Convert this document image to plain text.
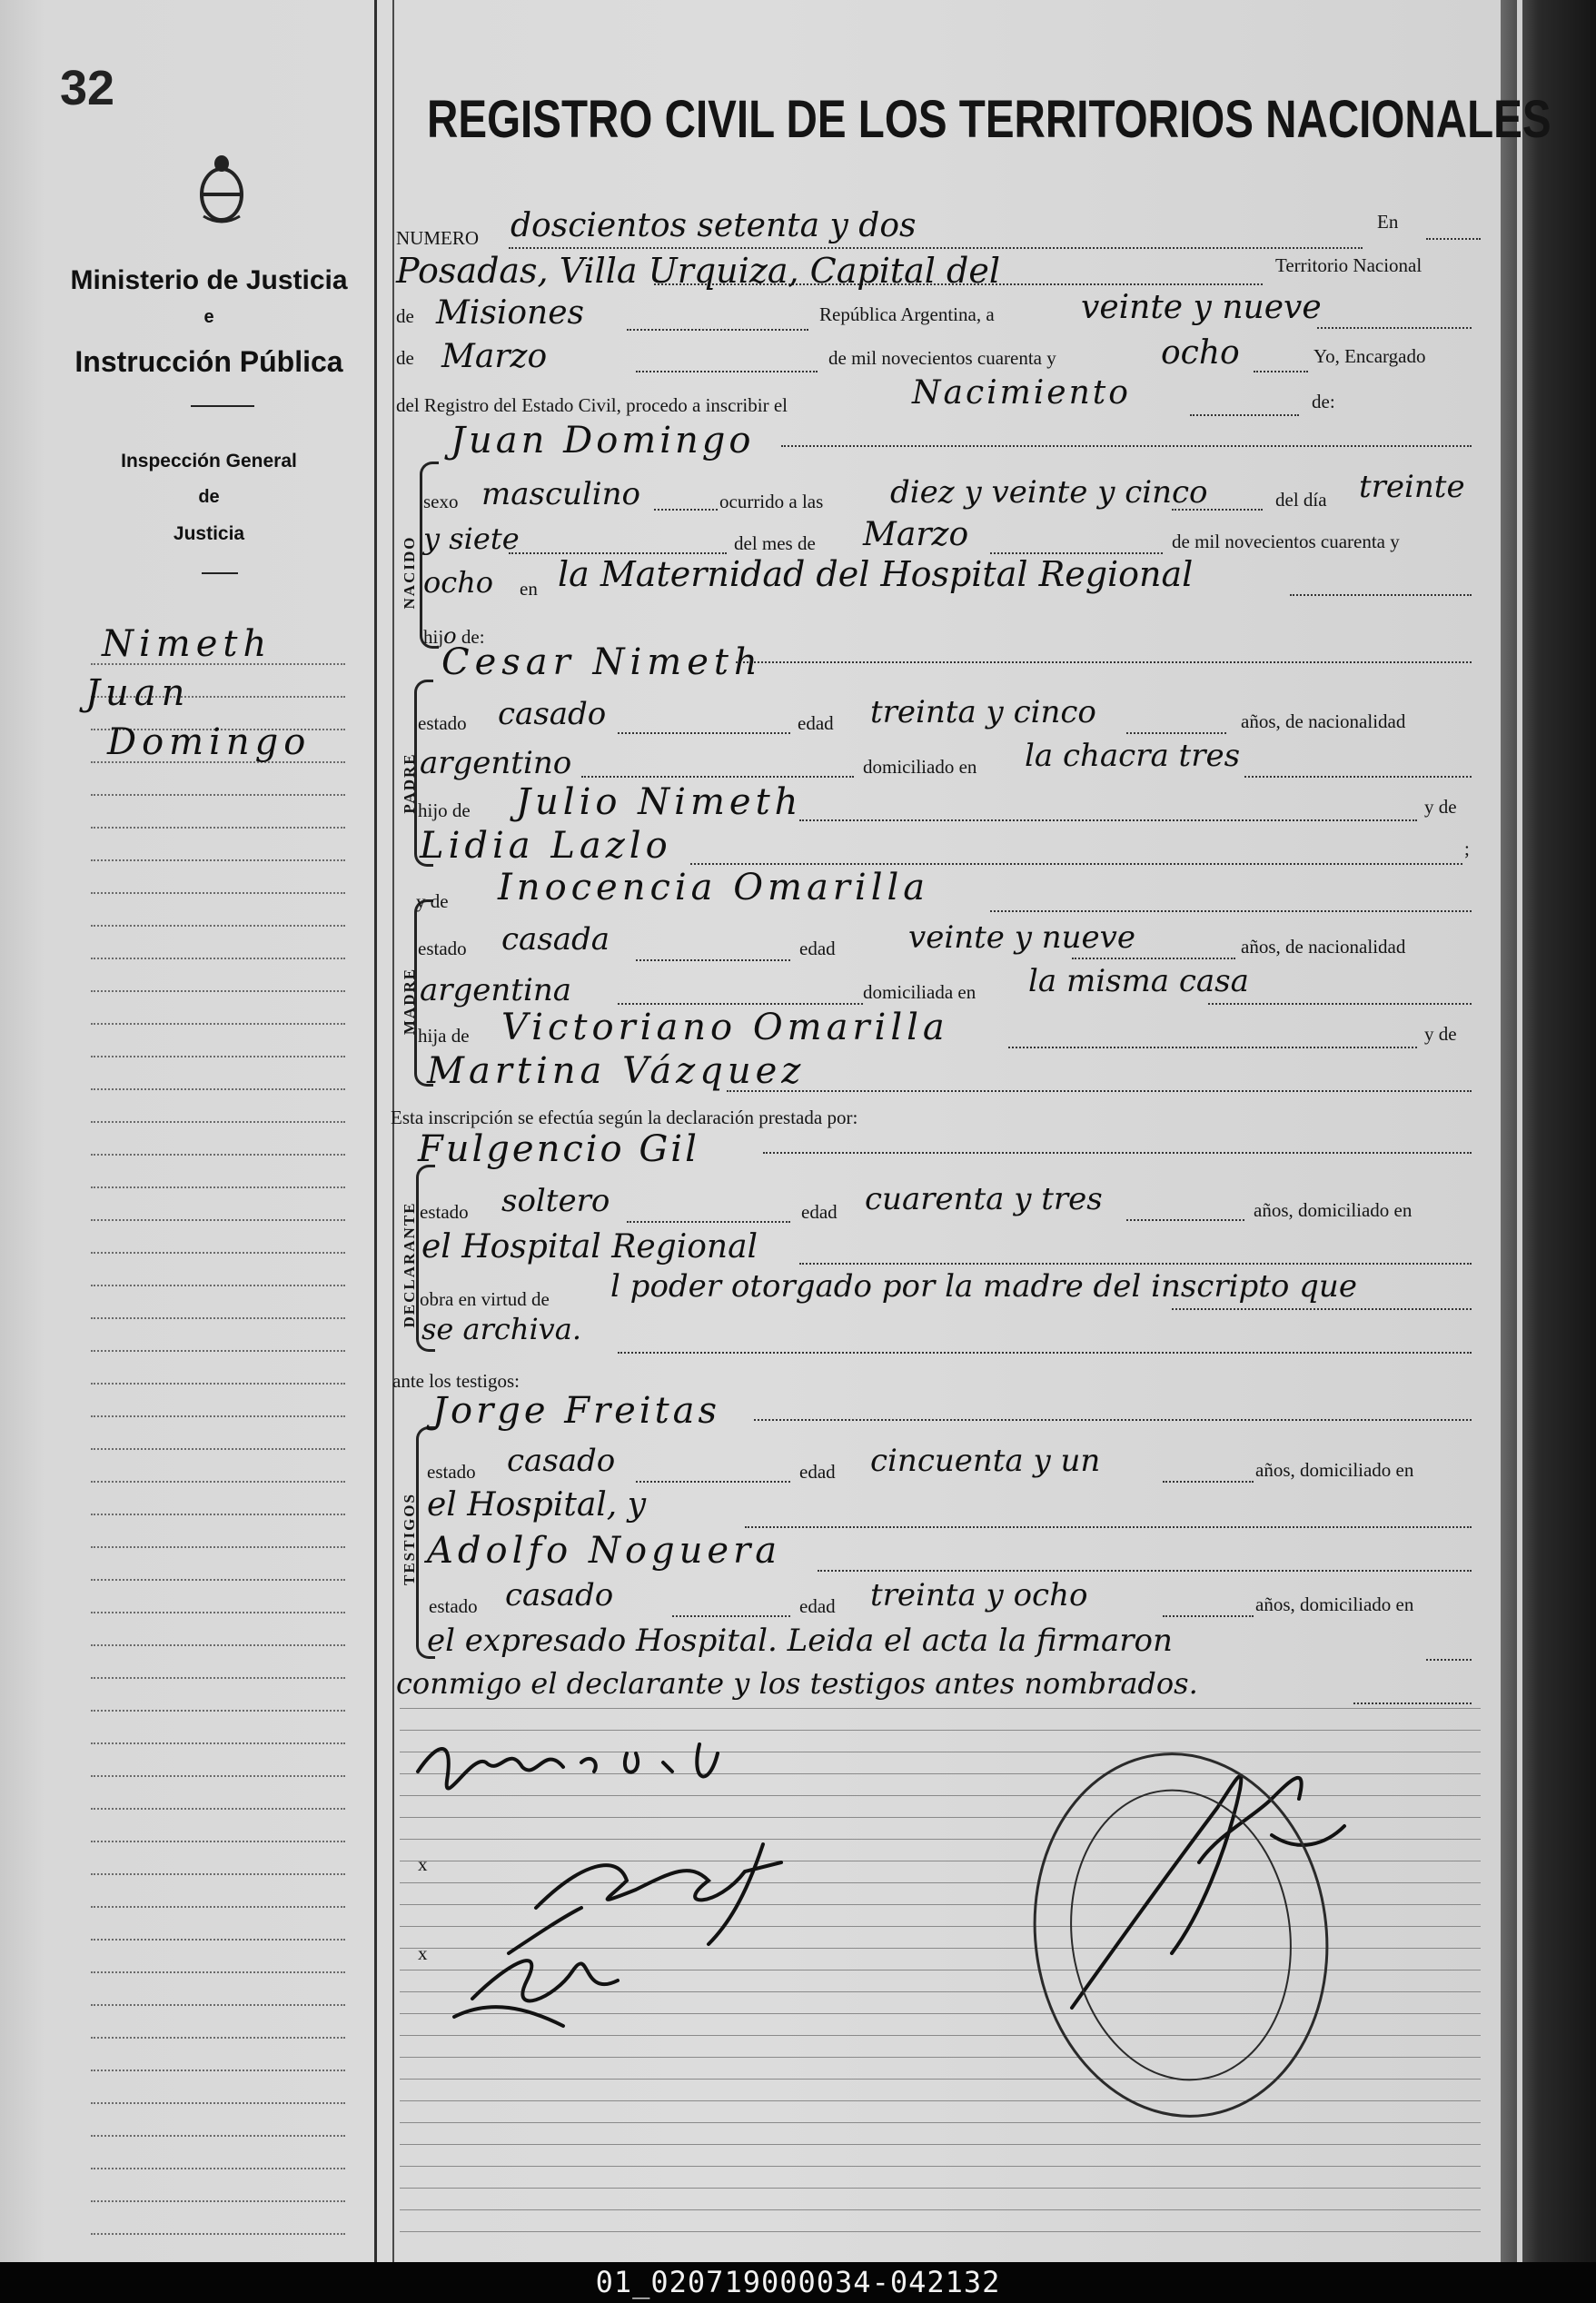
32
Ministerio de Justicia
e
Instrucción Pública
Inspección General
de
Justicia
Nimeth
Juan
Domingo
REGISTRO CIVIL DE LOS TERRITORIOS NACIONALES
NACIDO
PADRE
MADRE
DECLARANTE
TESTIGOS
NUMERO doscientos setenta y dos	En
Posadas, Villa Urquiza, Capital del	Territorio Nacional
de Misiones	República Argentina, a	veinte y nueve
de Marzo	de mil novecientos cuarenta y	ocho	Yo, Encargado
del Registro del Estado Civil, procedo a inscribir el	Nacimiento	de:
Juan Domingo
sexo masculino	ocurrido a las diez y veinte y cinco	del día treinte
y siete	del mes de Marzo	de mil novecientos cuarenta y
ocho en la Maternidad del Hospital Regional
hijo de:
Cesar Nimeth
estado casado	edad treinta y cinco	años, de nacionalidad
argentino	domiciliado en la chacra tres
hijo de Julio Nimeth	y de
Lidia Lazlo	;
y de Inocencia Omarilla
estado casada	edad veinte y nueve	años, de nacionalidad
argentina	domiciliada en la misma casa
hija de Victoriano Omarilla	y de
Martina Vázquez
Esta inscripción se efectúa según la declaración prestada por:
Fulgencio Gil
estado soltero	edad cuarenta y tres	años, domiciliado en
el Hospital Regional
obra en virtud de l poder otorgado por la madre del inscripto que
se archiva.
ante los testigos:
Jorge Freitas
estado casado	edad cincuenta y un	años, domiciliado en
el Hospital, y
Adolfo Noguera
estado casado	edad treinta y ocho	años, domiciliado en
el expresado Hospital. Leida el acta la firmaron
conmigo el declarante y los testigos antes nombrados.
x
x
01_020719000034-042132
